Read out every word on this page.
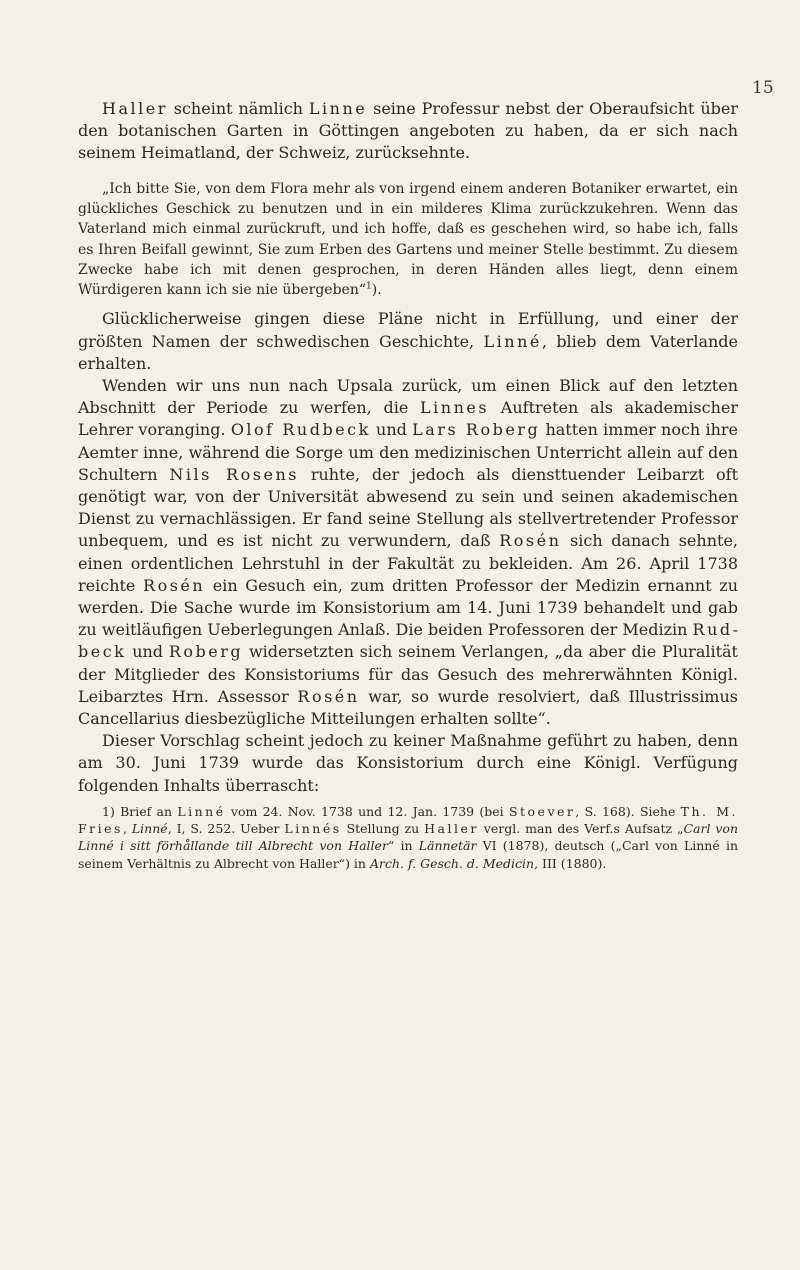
15

Haller scheint nämlich Linne seine Professur nebst der Oberaufsicht über den botanischen Garten in Göttingen angeboten zu haben, da er sich nach seinem Heimatland, der Schweiz, zurücksehnte.

„Ich bitte Sie, von dem Flora mehr als von irgend einem anderen Botaniker erwartet, ein glückliches Geschick zu benutzen und in ein milderes Klima zurückzukehren. Wenn das Vaterland mich einmal zurückruft, und ich hoffe, daß es geschehen wird, so habe ich, falls es Ihren Beifall gewinnt, Sie zum Erben des Gartens und meiner Stelle bestimmt. Zu diesem Zwecke habe ich mit denen gesprochen, in deren Händen alles liegt, denn einem Würdigeren kann ich sie nie übergeben“$^1$).

Glücklicherweise gingen diese Pläne nicht in Erfüllung, und einer der größten Namen der schwedischen Geschichte, Linné, blieb dem Vaterlande erhalten.

Wenden wir uns nun nach Upsala zurück, um einen Blick auf den letzten Abschnitt der Periode zu werfen, die Linnes Auftreten als akademischer Lehrer voranging. Olof Rudbeck und Lars Roberg hatten immer noch ihre Aemter inne, während die Sorge um den medizinischen Unterricht allein auf den Schultern Nils Rosens ruhte, der jedoch als diensttuender Leibarzt oft genötigt war, von der Universität abwesend zu sein und seinen akademischen Dienst zu vernachlässigen. Er fand seine Stellung als stellvertretender Professor unbequem, und es ist nicht zu verwundern, daß Rosén sich danach sehnte, einen ordentlichen Lehrstuhl in der Fakultät zu bekleiden. Am 26. April 1738 reichte Rosén ein Gesuch ein, zum dritten Professor der Medizin ernannt zu werden. Die Sache wurde im Konsistorium am 14. Juni 1739 behandelt und gab zu weitläufigen Ueberlegungen Anlaß. Die beiden Professoren der Medizin Rudbeck und Roberg widersetzten sich seinem Verlangen, „da aber die Pluralität der Mitglieder des Konsistoriums für das Gesuch des mehrerwähnten Königl. Leibarztes Hrn. Assessor Rosén war, so wurde resolviert, daß Illustrissimus Cancellarius diesbezügliche Mitteilungen erhalten sollte“.

Dieser Vorschlag scheint jedoch zu keiner Maßnahme geführt zu haben, denn am 30. Juni 1739 wurde das Konsistorium durch eine Königl. Verfügung folgenden Inhalts überrascht:

1) Brief an Linné vom 24. Nov. 1738 und 12. Jan. 1739 (bei Stoever, S. 168). Siehe Th. M. Fries, Linné, I, S. 252. Ueber Linnés Stellung zu Haller vergl. man des Verf.s Aufsatz „Carl von Linné i sitt förhållande till Albrecht von Haller“ in Lännetär VI (1878), deutsch („Carl von Linné in seinem Verhältnis zu Albrecht von Haller“) in Arch. f. Gesch. d. Medicin, III (1880).
